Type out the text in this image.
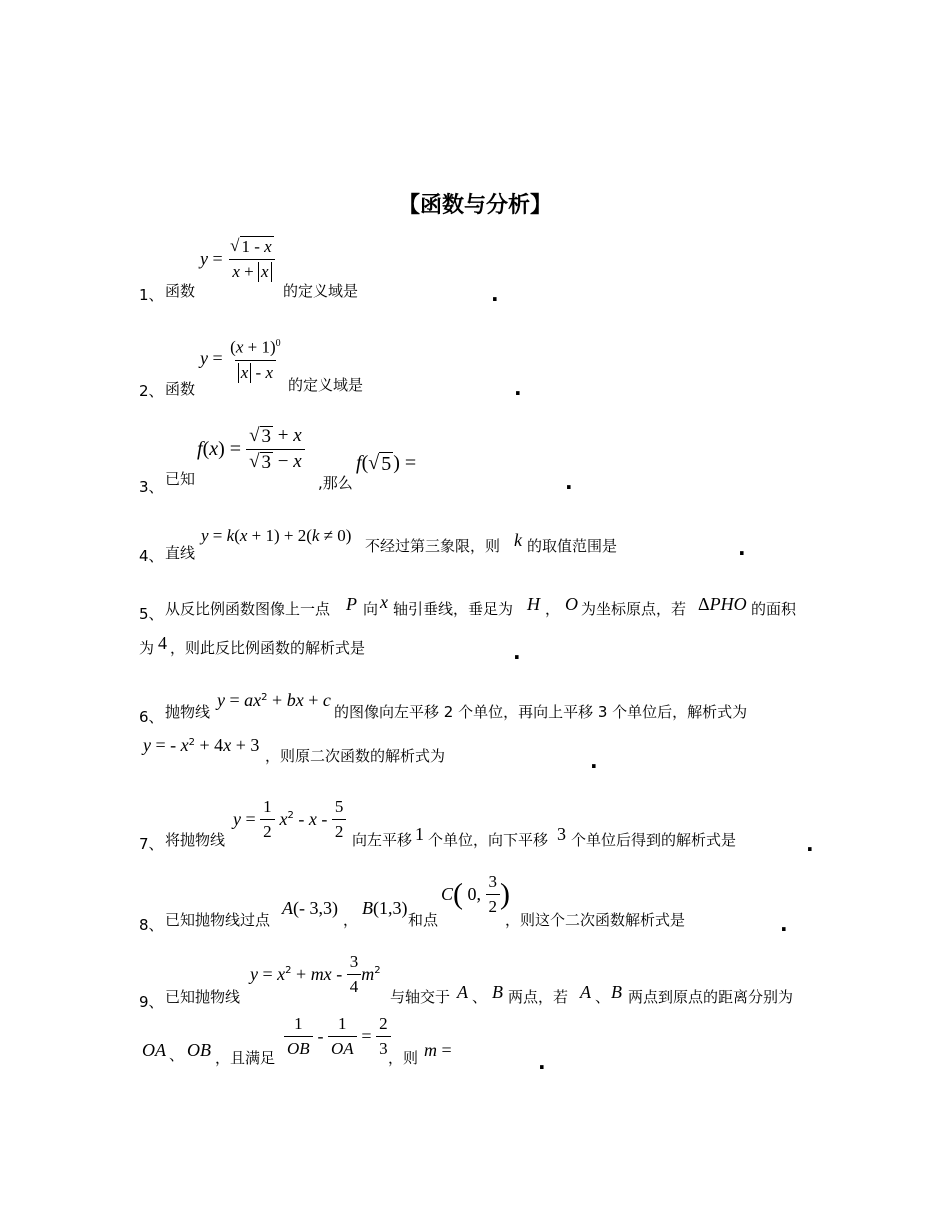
【函数与分析】
1、 函数
$y = \frac{√ 1 - x}{x + x}$
的定义域是	.
2、 函数
$y = \frac{(x + 1)^0}{x - x}$
的定义域是	.
3、 已知
$f(x) = \frac{√ 3 + x}{√ 3 - x}$
,那么
f( √ 5 ) =
.
4、 直线
y = k(x + 1) + 2(k ≠ 0)
不经过第三象限，则 k 的取值范围是	.
5、 从反比例函数图像上一点 P 向 x 轴引垂线，垂足为 H ， O 为坐标原点，若 ΔPHO 的面积
为 4 ，则此反比例函数的解析式是	.
6、 抛物线
$y = ax^2$ + bx + c
的图像向左平移 2 个单位，再向上平移 3 个单位后，解析式为
y = - $x^2 + 4x + 3$
，则原二次函数的解析式为	.
7、 将抛物线
$y = \frac{1}{2} x^2 - x - \frac{5}{2}$ 向左平移 1 个单位，向下平移 3 个单位后得到的解析式是	.
8、 已知抛物线过点
A(- 3,3)
，
B(1,3)
和点
C( 0, $\frac{3}{2}$ )
，则这个二次函数解析式是	.
9、 已知抛物线
$y = x^2$ + mx - $\frac{3}{4} m^2$
与轴交于 A 、 B 两点，若 A 、 B 两点到原点的距离分别为
OA 、 OB ，且满足 $\frac{1}{OB} - \frac{1}{OA} = \frac{2}{3}$
，则 m =	.
